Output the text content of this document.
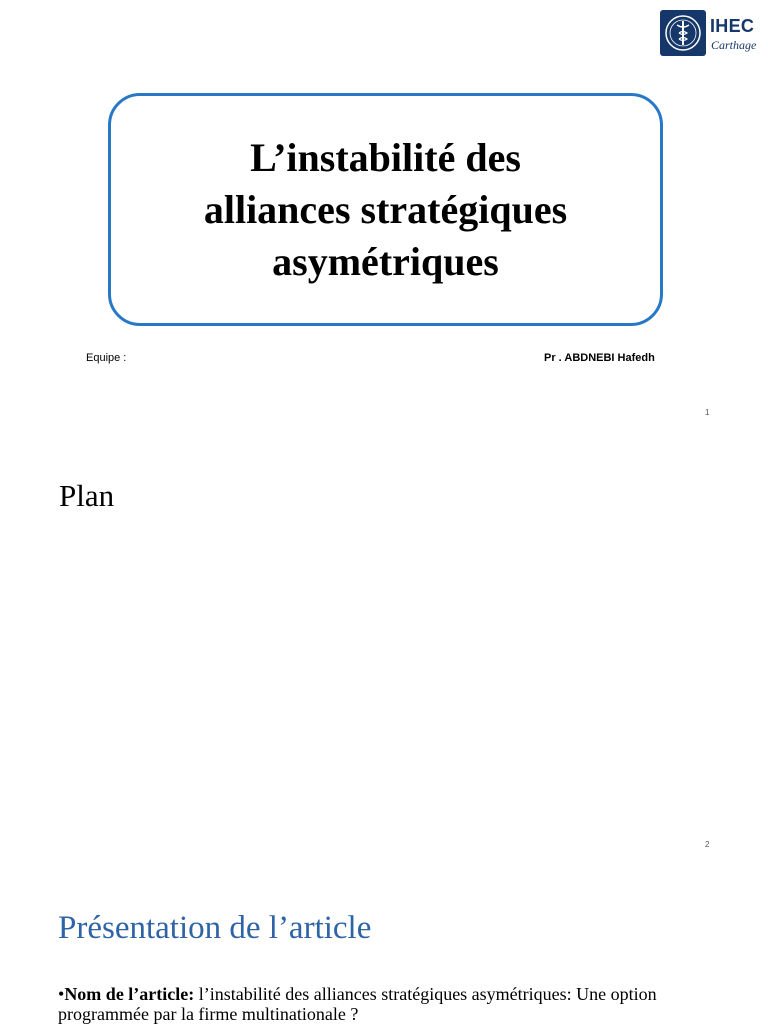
IHEC
Carthage
L’instabilité des
alliances stratégiques
asymétriques
Equipe :	Pr . ABDNEBI Hafedh
1
Plan
2
Présentation de l’article

•Nom de l’article: l’instabilité des alliances stratégiques asymétriques: Une option programmée par la firme multinationale ?
